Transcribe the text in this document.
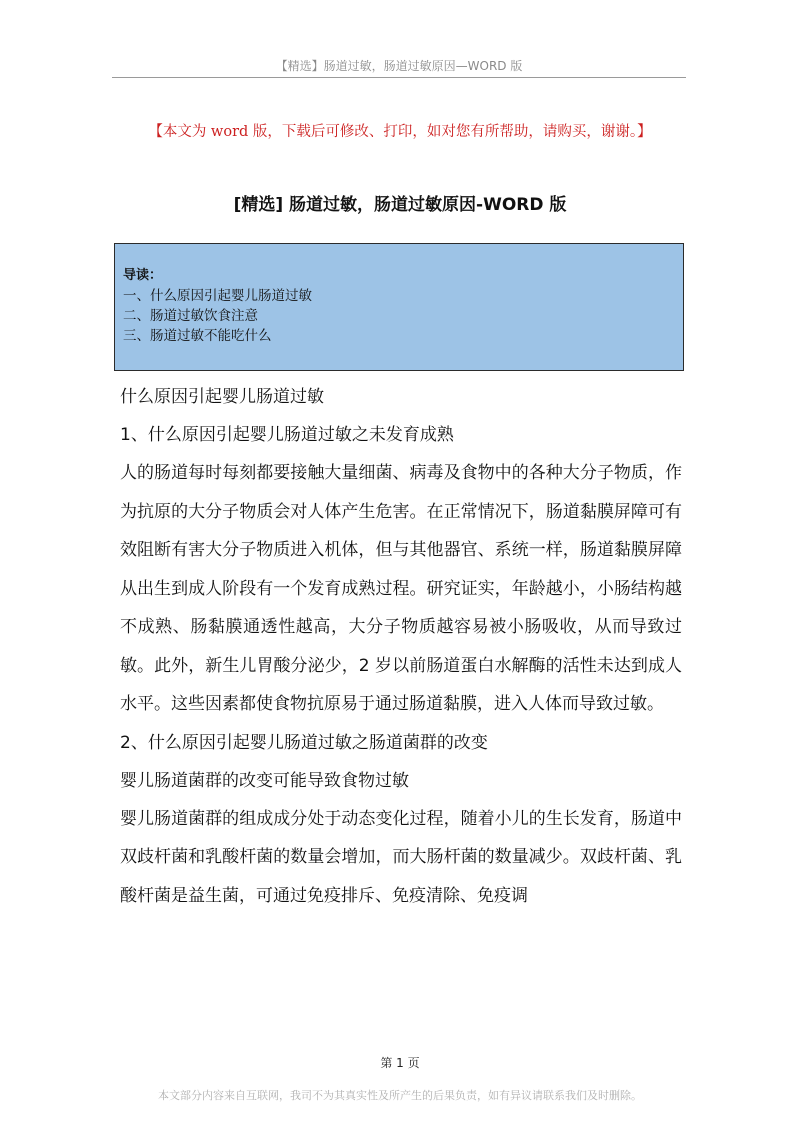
【精选】肠道过敏，肠道过敏原因—WORD 版
【本文为 word 版，下载后可修改、打印，如对您有所帮助，请购买，谢谢。】
[精选] 肠道过敏，肠道过敏原因-WORD 版
导读：
一、什么原因引起婴儿肠道过敏
二、肠道过敏饮食注意
三、肠道过敏不能吃什么
什么原因引起婴儿肠道过敏
1、什么原因引起婴儿肠道过敏之未发育成熟
人的肠道每时每刻都要接触大量细菌、病毒及食物中的各种大分子物质，作为抗原的大分子物质会对人体产生危害。在正常情况下，肠道黏膜屏障可有效阻断有害大分子物质进入机体，但与其他器官、系统一样，肠道黏膜屏障从出生到成人阶段有一个发育成熟过程。研究证实，年龄越小，小肠结构越不成熟、肠黏膜通透性越高，大分子物质越容易被小肠吸收，从而导致过敏。此外，新生儿胃酸分泌少，2 岁以前肠道蛋白水解酶的活性未达到成人水平。这些因素都使食物抗原易于通过肠道黏膜，进入人体而导致过敏。
2、什么原因引起婴儿肠道过敏之肠道菌群的改变
婴儿肠道菌群的改变可能导致食物过敏
婴儿肠道菌群的组成成分处于动态变化过程，随着小儿的生长发育，肠道中双歧杆菌和乳酸杆菌的数量会增加，而大肠杆菌的数量减少。双歧杆菌、乳酸杆菌是益生菌，可通过免疫排斥、免疫清除、免疫调
第 1 页
本文部分内容来自互联网，我司不为其真实性及所产生的后果负责，如有异议请联系我们及时删除。
